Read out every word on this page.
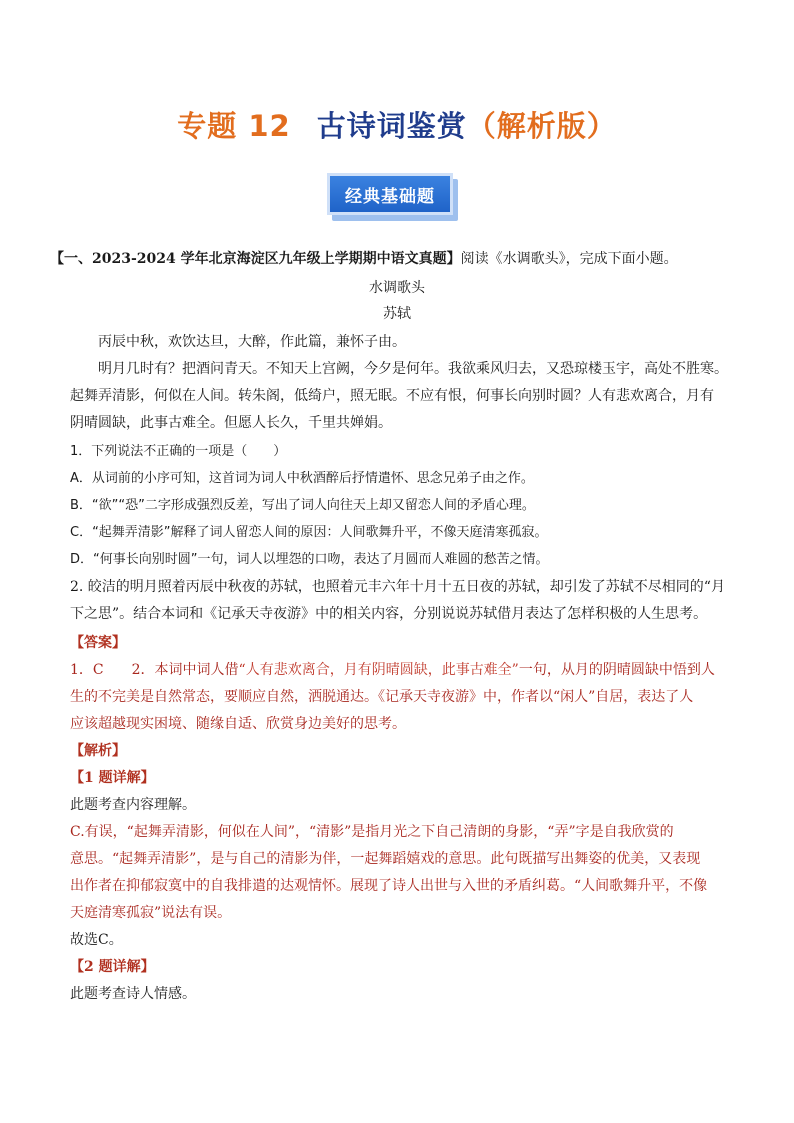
专题 12 古诗词鉴赏（解析版）
经典基础题
【一、2023-2024 学年北京海淀区九年级上学期期中语文真题】阅读《水调歌头》，完成下面小题。
水调歌头
苏轼
丙辰中秋，欢饮达旦，大醉，作此篇，兼怀子由。
明月几时有？把酒问青天。不知天上宫阙，今夕是何年。我欲乘风归去，又恐琼楼玉宇，高处不胜寒。
起舞弄清影，何似在人间。转朱阁，低绮户，照无眠。不应有恨，何事长向别时圆？人有悲欢离合，月有
阴晴圆缺，此事古难全。但愿人长久，千里共婵娟。
1．下列说法不正确的一项是（　　）
A．从词前的小序可知，这首词为词人中秋酒醉后抒情遣怀、思念兄弟子由之作。
B．“欲”“恐”二字形成强烈反差，写出了词人向往天上却又留恋人间的矛盾心理。
C．“起舞弄清影”解释了词人留恋人间的原因：人间歌舞升平，不像天庭清寒孤寂。
D．“何事长向别时圆”一句，词人以埋怨的口吻，表达了月圆而人难圆的愁苦之情。
2. 皎洁的明月照着丙辰中秋夜的苏轼，也照着元丰六年十月十五日夜的苏轼，却引发了苏轼不尽相同的“月
下之思”。结合本词和《记承天寺夜游》中的相关内容，分别说说苏轼借月表达了怎样积极的人生思考。
【答案】
1．C　　2．本词中词人借“人有悲欢离合，月有阴晴圆缺，此事古难全”一句，从月的阴晴圆缺中悟到人
生的不完美是自然常态，要顺应自然，洒脱通达。《记承天寺夜游》中，作者以“闲人”自居，表达了人
应该超越现实困境、随缘自适、欣赏身边美好的思考。
【解析】
【1 题详解】
此题考查内容理解。
C.有误，“起舞弄清影，何似在人间”，“清影”是指月光之下自己清朗的身影，“弄”字是自我欣赏的
意思。“起舞弄清影”，是与自己的清影为伴，一起舞蹈嬉戏的意思。此句既描写出舞姿的优美，又表现
出作者在抑郁寂寞中的自我排遣的达观情怀。展现了诗人出世与入世的矛盾纠葛。“人间歌舞升平，不像
天庭清寒孤寂”说法有误。
故选C。
【2 题详解】
此题考查诗人情感。
